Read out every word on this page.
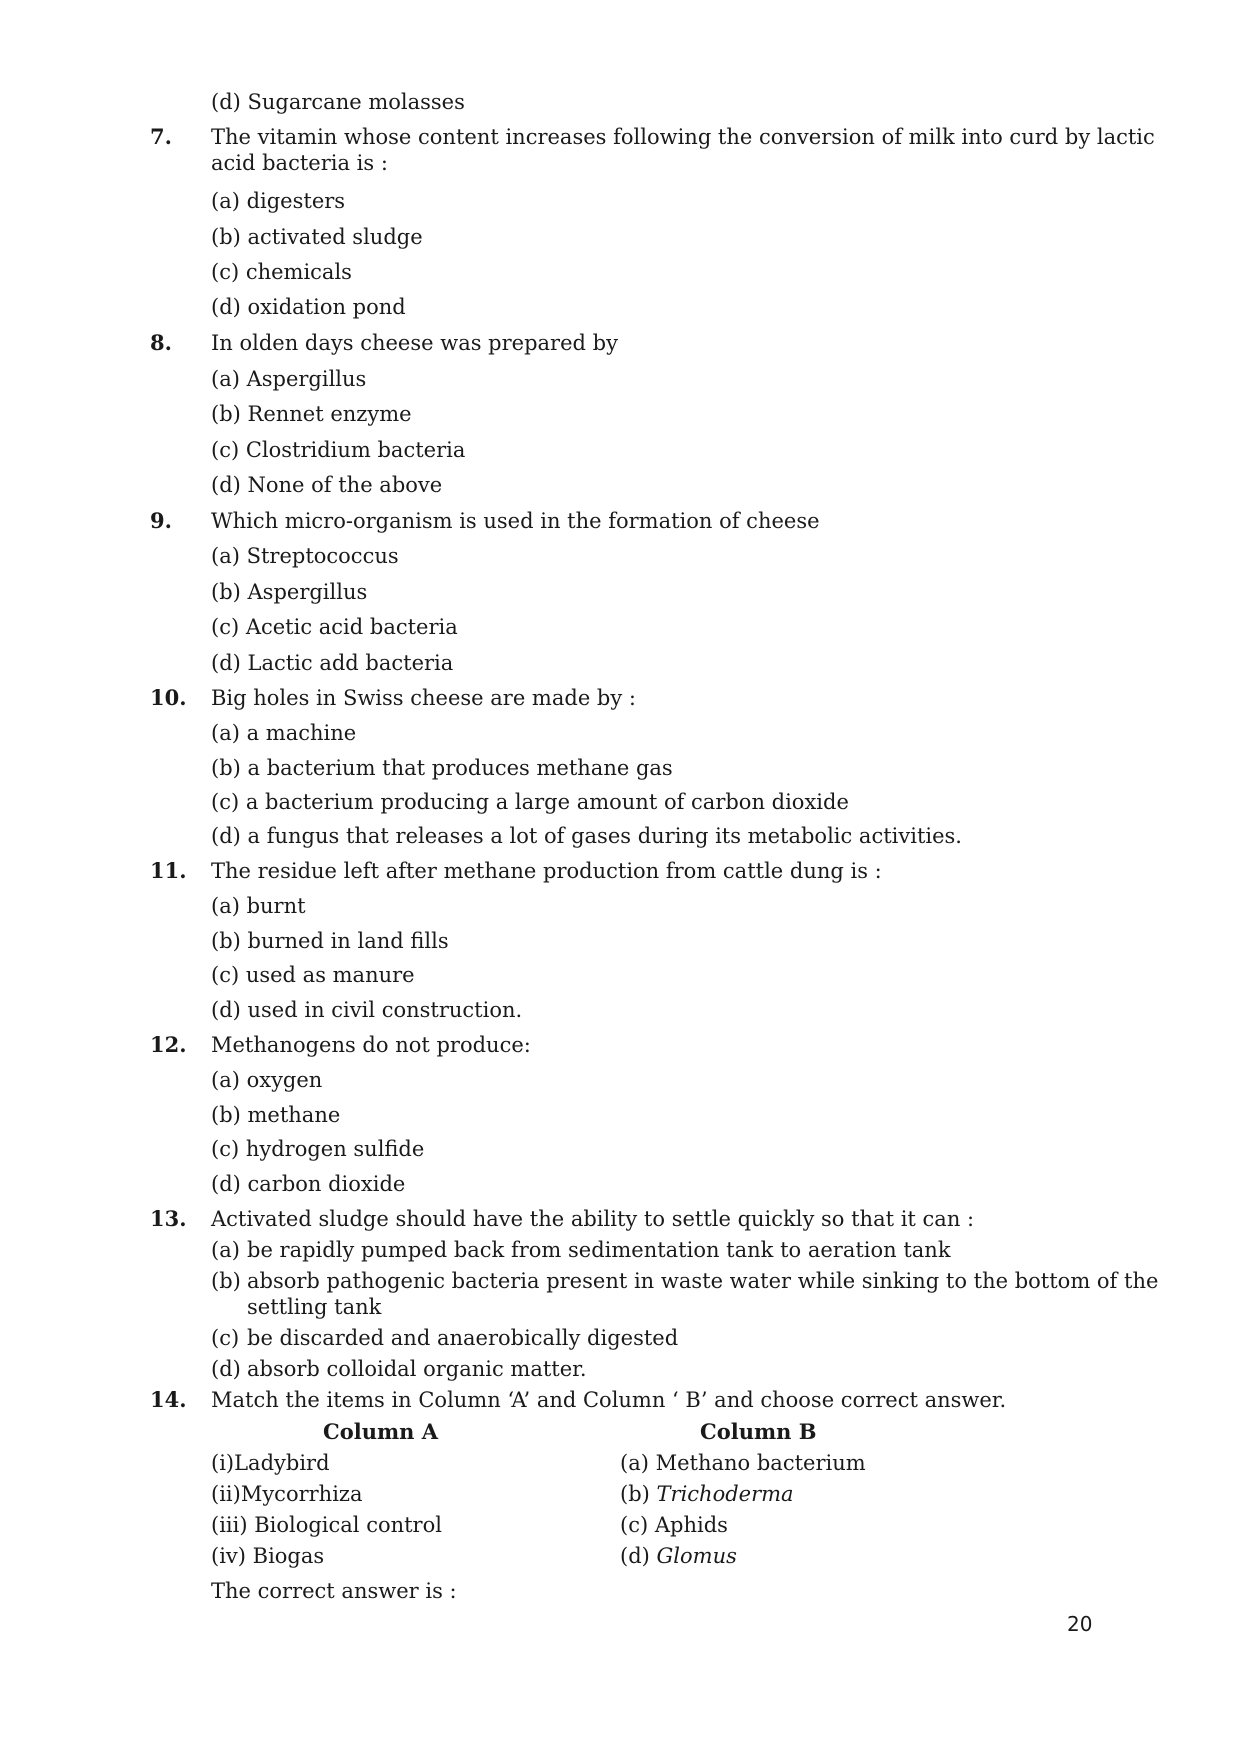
(d) Sugarcane molasses
7. The vitamin whose content increases following the conversion of milk into curd by lactic
acid bacteria is :
(a) digesters
(b) activated sludge
(c) chemicals
(d) oxidation pond
8. In olden days cheese was prepared by
(a) Aspergillus
(b) Rennet enzyme
(c) Clostridium bacteria
(d) None of the above
9. Which micro-organism is used in the formation of cheese
(a) Streptococcus
(b) Aspergillus
(c) Acetic acid bacteria
(d) Lactic add bacteria
10. Big holes in Swiss cheese are made by :
(a) a machine
(b) a bacterium that produces methane gas
(c) a bacterium producing a large amount of carbon dioxide
(d) a fungus that releases a lot of gases during its metabolic activities.
11. The residue left after methane production from cattle dung is :
(a) burnt
(b) burned in land fills
(c) used as manure
(d) used in civil construction.
12. Methanogens do not produce:
(a) oxygen
(b) methane
(c) hydrogen sulfide
(d) carbon dioxide
13. Activated sludge should have the ability to settle quickly so that it can :
(a) be rapidly pumped back from sedimentation tank to aeration tank
(b) absorb pathogenic bacteria present in waste water while sinking to the bottom of the
settling tank
(c) be discarded and anaerobically digested
(d) absorb colloidal organic matter.
14. Match the items in Column ‘A’ and Column ‘ B’ and choose correct answer.
Column A	Column B
(i)Ladybird
(ii)Mycorrhiza
(iii) Biological control
(iv) Biogas
(a) Methano bacterium
(b) Trichoderma
(c) Aphids
(d) Glomus
The correct answer is :
20
